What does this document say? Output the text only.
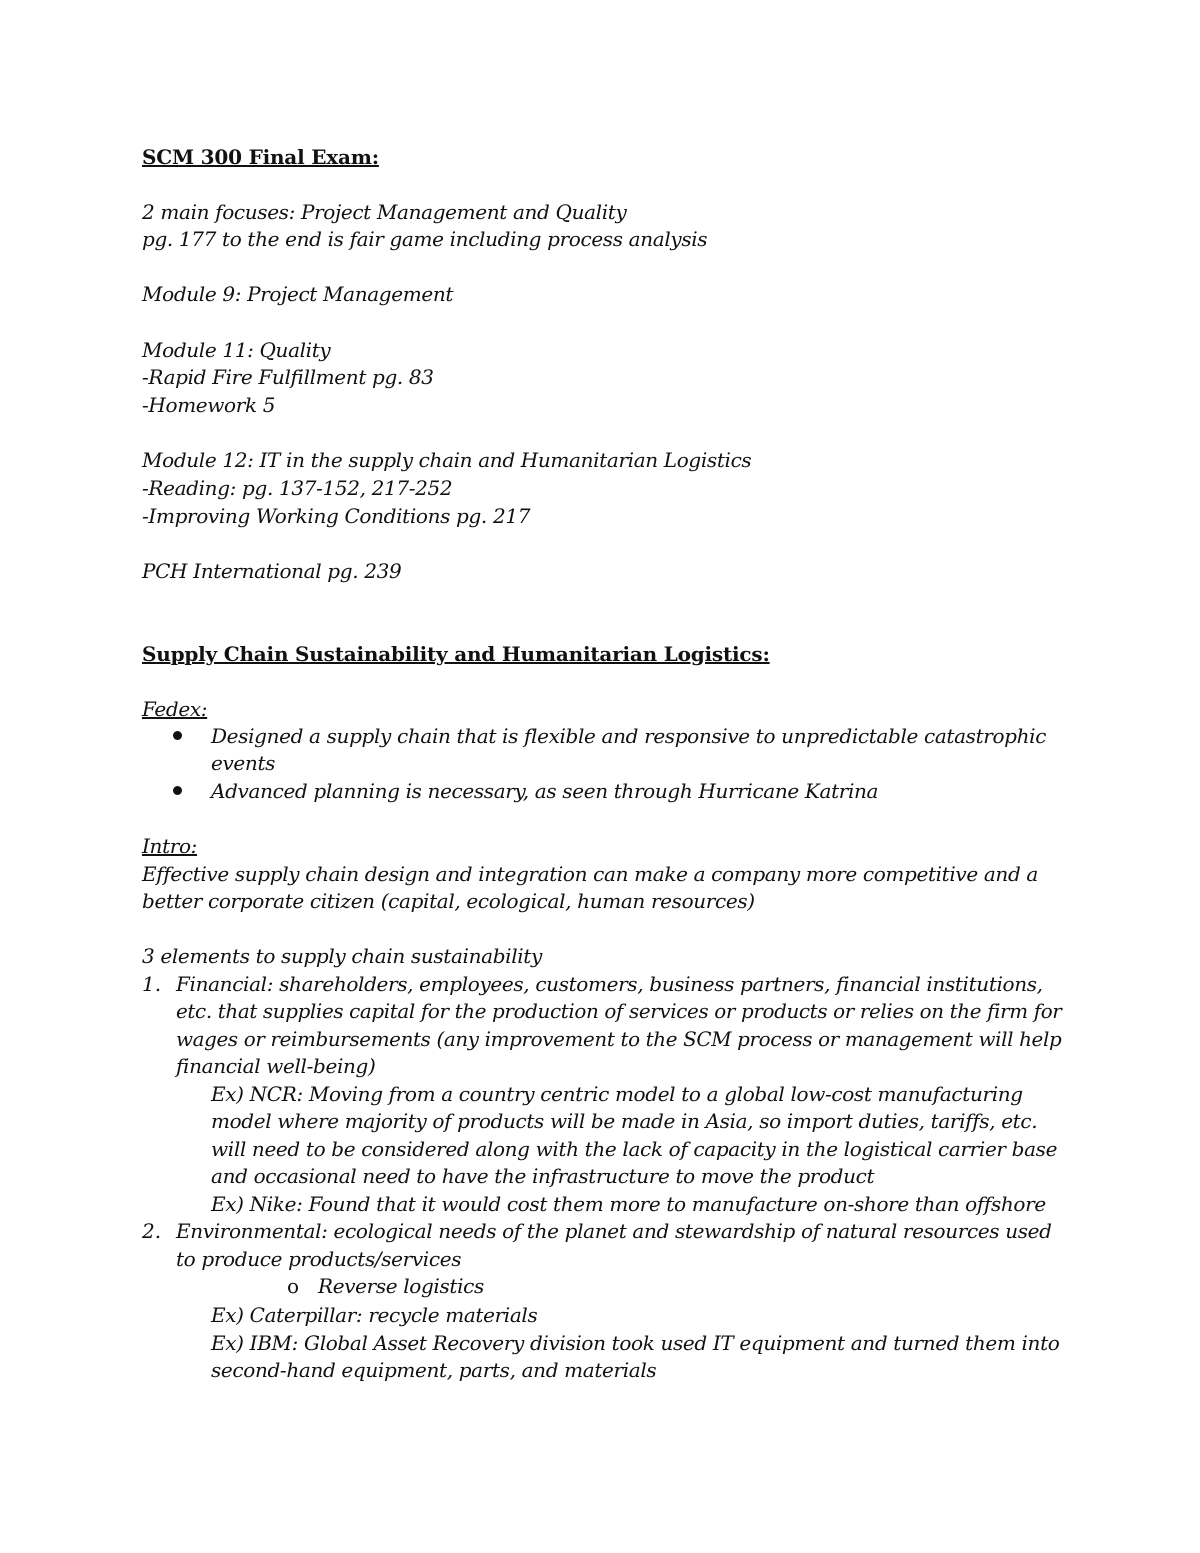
SCM 300 Final Exam:
2 main focuses: Project Management and Quality
pg. 177 to the end is fair game including process analysis
Module 9: Project Management
Module 11: Quality
-Rapid Fire Fulfillment pg. 83
-Homework 5
Module 12: IT in the supply chain and Humanitarian Logistics
-Reading: pg. 137-152, 217-252
-Improving Working Conditions pg. 217
PCH International pg. 239
Supply Chain Sustainability and Humanitarian Logistics:
Fedex:
Designed a supply chain that is flexible and responsive to unpredictable catastrophic
events
Advanced planning is necessary, as seen through Hurricane Katrina
Intro:
Effective supply chain design and integration can make a company more competitive and a
better corporate citizen (capital, ecological, human resources)
3 elements to supply chain sustainability
1. Financial: shareholders, employees, customers, business partners, financial institutions,
etc. that supplies capital for the production of services or products or relies on the firm for
wages or reimbursements (any improvement to the SCM process or management will help
financial well-being)
Ex) NCR: Moving from a country centric model to a global low-cost manufacturing
model where majority of products will be made in Asia, so import duties, tariffs, etc.
will need to be considered along with the lack of capacity in the logistical carrier base
and occasional need to have the infrastructure to move the product
Ex) Nike: Found that it would cost them more to manufacture on-shore than offshore
2. Environmental: ecological needs of the planet and stewardship of natural resources used
to produce products/services
o Reverse logistics
Ex) Caterpillar: recycle materials
Ex) IBM: Global Asset Recovery division took used IT equipment and turned them into
second-hand equipment, parts, and materials
